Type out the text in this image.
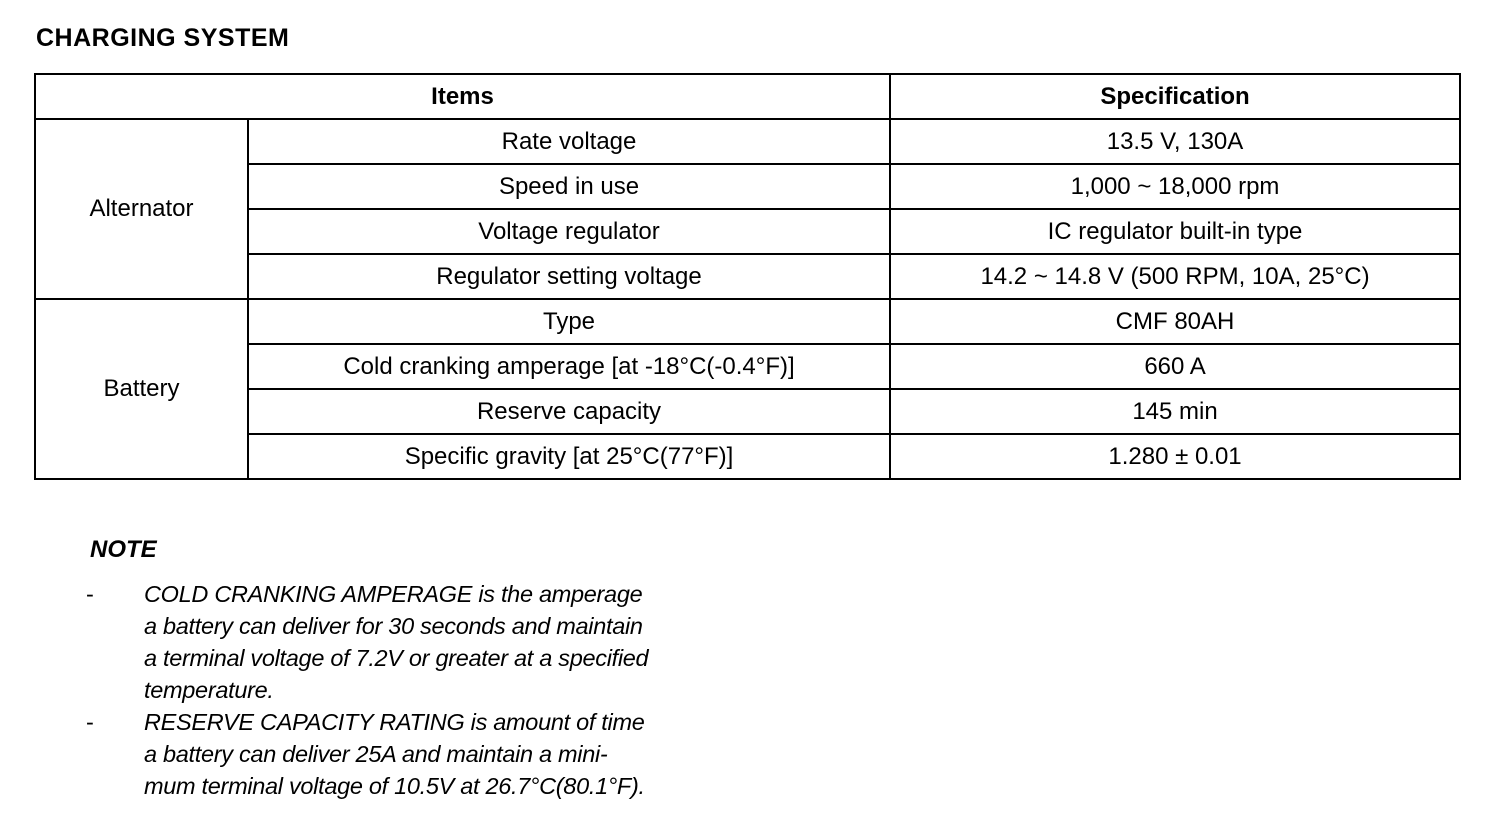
CHARGING SYSTEM
Items		Specification
Alternator	Rate voltage	13.5 V, 130A
	Speed in use	1,000 ~ 18,000 rpm
	Voltage regulator	IC regulator built-in type
	Regulator setting voltage	14.2 ~ 14.8 V (500 RPM, 10A, 25°C)
Battery	Type	CMF 80AH
	Cold cranking amperage [at -18°C(-0.4°F)]	660 A
	Reserve capacity	145 min
	Specific gravity [at 25°C(77°F)]	1.280 ± 0.01
NOTE
- COLD CRANKING AMPERAGE is the amperage
a battery can deliver for 30 seconds and maintain
a terminal voltage of 7.2V or greater at a specified
temperature.
- RESERVE CAPACITY RATING is amount of time
a battery can deliver 25A and maintain a mini-
mum terminal voltage of 10.5V at 26.7°C(80.1°F).
